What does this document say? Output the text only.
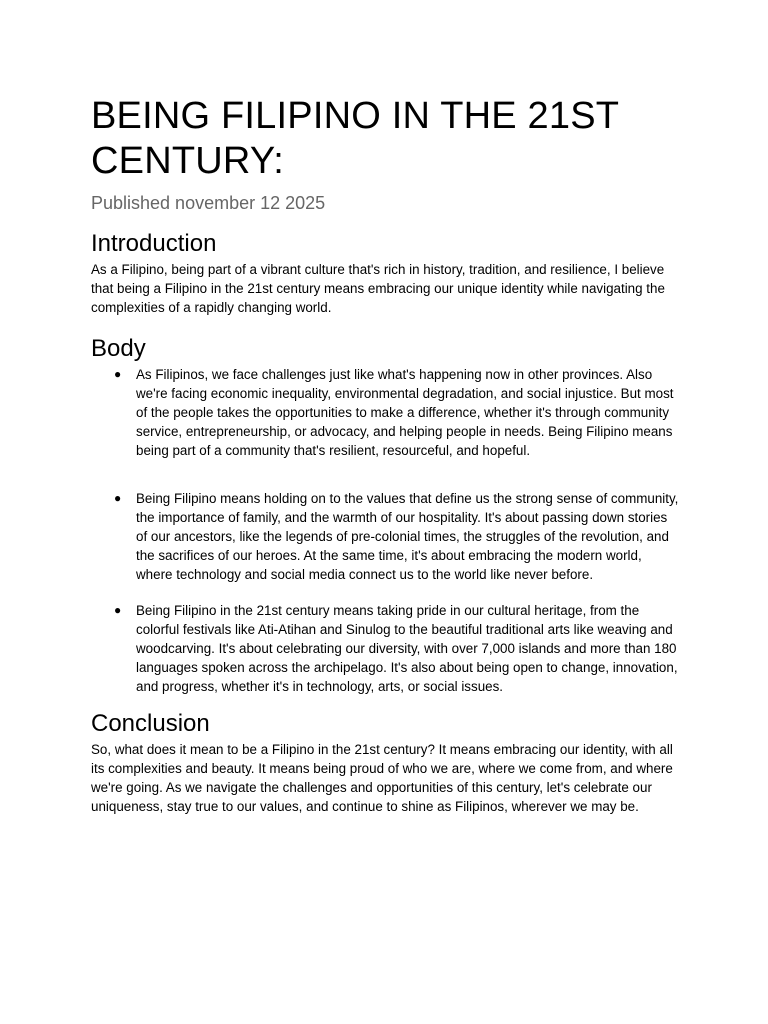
BEING FILIPINO IN THE 21ST CENTURY:

Published november 12 2025

Introduction

As a Filipino, being part of a vibrant culture that's rich in history, tradition, and resilience, I believe that being a Filipino in the 21st century means embracing our unique identity while navigating the complexities of a rapidly changing world.

Body
● As Filipinos, we face challenges just like what's happening now in other provinces. Also we're facing economic inequality, environmental degradation, and social injustice. But most of the people takes the opportunities to make a difference, whether it's through community service, entrepreneurship, or advocacy, and helping people in needs. Being Filipino means being part of a community that's resilient, resourceful, and hopeful.
● Being Filipino means holding on to the values that define us the strong sense of community, the importance of family, and the warmth of our hospitality. It's about passing down stories of our ancestors, like the legends of pre-colonial times, the struggles of the revolution, and the sacrifices of our heroes. At the same time, it's about embracing the modern world, where technology and social media connect us to the world like never before.
● Being Filipino in the 21st century means taking pride in our cultural heritage, from the colorful festivals like Ati-Atihan and Sinulog to the beautiful traditional arts like weaving and woodcarving. It's about celebrating our diversity, with over 7,000 islands and more than 180 languages spoken across the archipelago. It's also about being open to change, innovation, and progress, whether it's in technology, arts, or social issues.
Conclusion

So, what does it mean to be a Filipino in the 21st century? It means embracing our identity, with all its complexities and beauty. It means being proud of who we are, where we come from, and where we're going. As we navigate the challenges and opportunities of this century, let's celebrate our uniqueness, stay true to our values, and continue to shine as Filipinos, wherever we may be.
